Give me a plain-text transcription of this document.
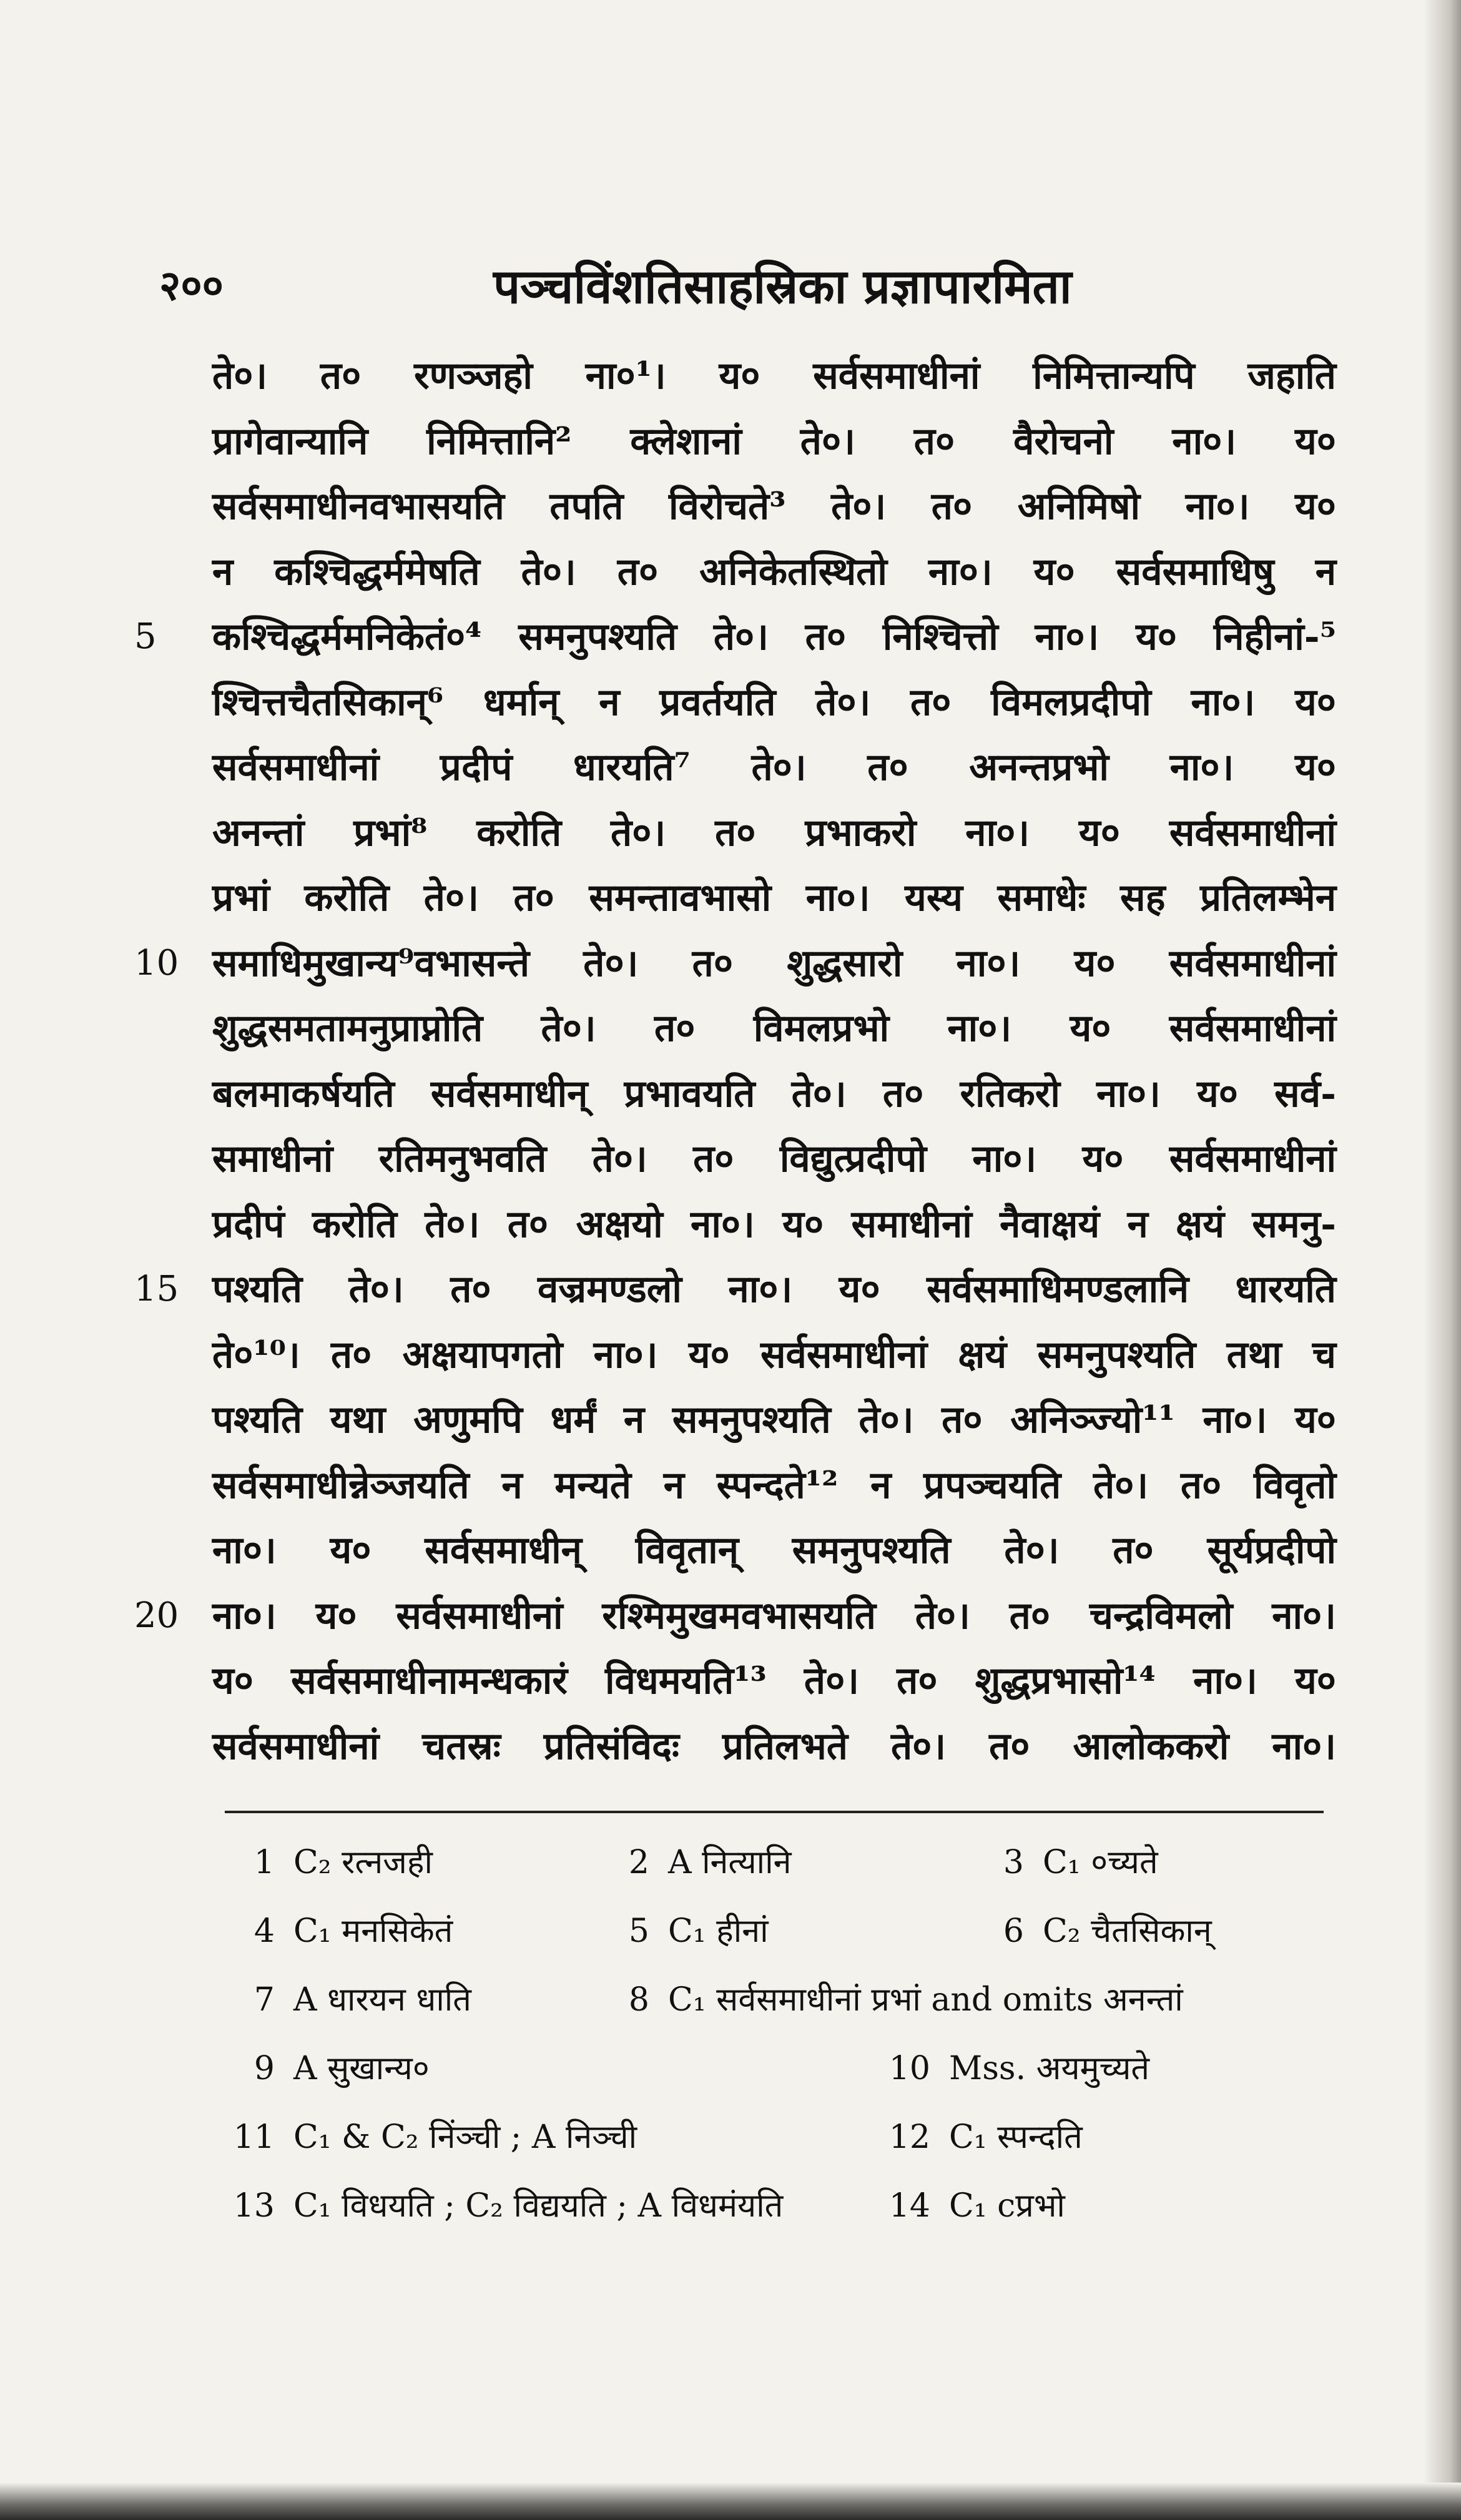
२००	पञ्चविंशतिसाहस्रिका प्रज्ञापारमिता
ते०। त० रणञ्जहो ना०¹। य० सर्वसमाधीनां निमित्तान्यपि जहाति
प्रागेवान्यानि निमित्तानि² क्लेशानां ते०। त० वैरोचनो ना०। य०
सर्वसमाधीनवभासयति तपति विरोचते³ ते०। त० अनिमिषो ना०। य०
न कश्चिद्धर्ममेषति ते०। त० अनिकेतस्थितो ना०। य० सर्वसमाधिषु न
5 कश्चिद्धर्ममनिकेतं०⁴ समनुपश्यति ते०। त० निश्चित्तो ना०। य० निहीनां-⁵
श्चित्तचैतसिकान्⁶ धर्मान् न प्रवर्तयति ते०। त० विमलप्रदीपो ना०। य०
सर्वसमाधीनां प्रदीपं धारयति⁷ ते०। त० अनन्तप्रभो ना०। य०
अनन्तां प्रभां⁸ करोति ते०। त० प्रभाकरो ना०। य० सर्वसमाधीनां
प्रभां करोति ते०। त० समन्तावभासो ना०। यस्य समाधेः सह प्रतिलम्भेन
10 समाधिमुखान्य⁹वभासन्ते ते०। त० शुद्धसारो ना०। य० सर्वसमाधीनां
शुद्धसमतामनुप्राप्नोति ते०। त० विमलप्रभो ना०। य० सर्वसमाधीनां
बलमाकर्षयति सर्वसमाधीन् प्रभावयति ते०। त० रतिकरो ना०। य० सर्व-
समाधीनां रतिमनुभवति ते०। त० विद्युत्प्रदीपो ना०। य० सर्वसमाधीनां
प्रदीपं करोति ते०। त० अक्षयो ना०। य० समाधीनां नैवाक्षयं न क्षयं समनु-
15 पश्यति ते०। त० वज्रमण्डलो ना०। य० सर्वसमाधिमण्डलानि धारयति
ते०¹⁰। त० अक्षयापगतो ना०। य० सर्वसमाधीनां क्षयं समनुपश्यति तथा च
पश्यति यथा अणुमपि धर्मं न समनुपश्यति ते०। त० अनिञ्ज्यो¹¹ ना०। य०
सर्वसमाधीन्नेञ्जयति न मन्यते न स्पन्दते¹² न प्रपञ्चयति ते०। त० विवृतो
ना०। य० सर्वसमाधीन् विवृतान् समनुपश्यति ते०। त० सूर्यप्रदीपो
20 ना०। य० सर्वसमाधीनां रश्मिमुखमवभासयति ते०। त० चन्द्रविमलो ना०।
य० सर्वसमाधीनामन्धकारं विधमयति¹³ ते०। त० शुद्धप्रभासो¹⁴ ना०। य०
सर्वसमाधीनां चतस्रः प्रतिसंविदः प्रतिलभते ते०। त० आलोककरो ना०।
1 C₂ रत्नजही	2 A नित्यानि	3 C₁ ०च्यते
4 C₁ मनसिकेतं	5 C₁ हीनां	6 C₂ चैतसिकान्
7 A धारयन धाति	8 C₁ सर्वसमाधीनां प्रभां and omits अनन्तां
9 A सुखान्य०	10 Mss. अयमुच्यते
11 C₁ & C₂ निंञ्ची ; A निञ्ची	12 C₁ स्पन्दति
13 C₁ विधयति ; C₂ विद्ययति ; A विधमंयति	14 C₁ cप्रभो
